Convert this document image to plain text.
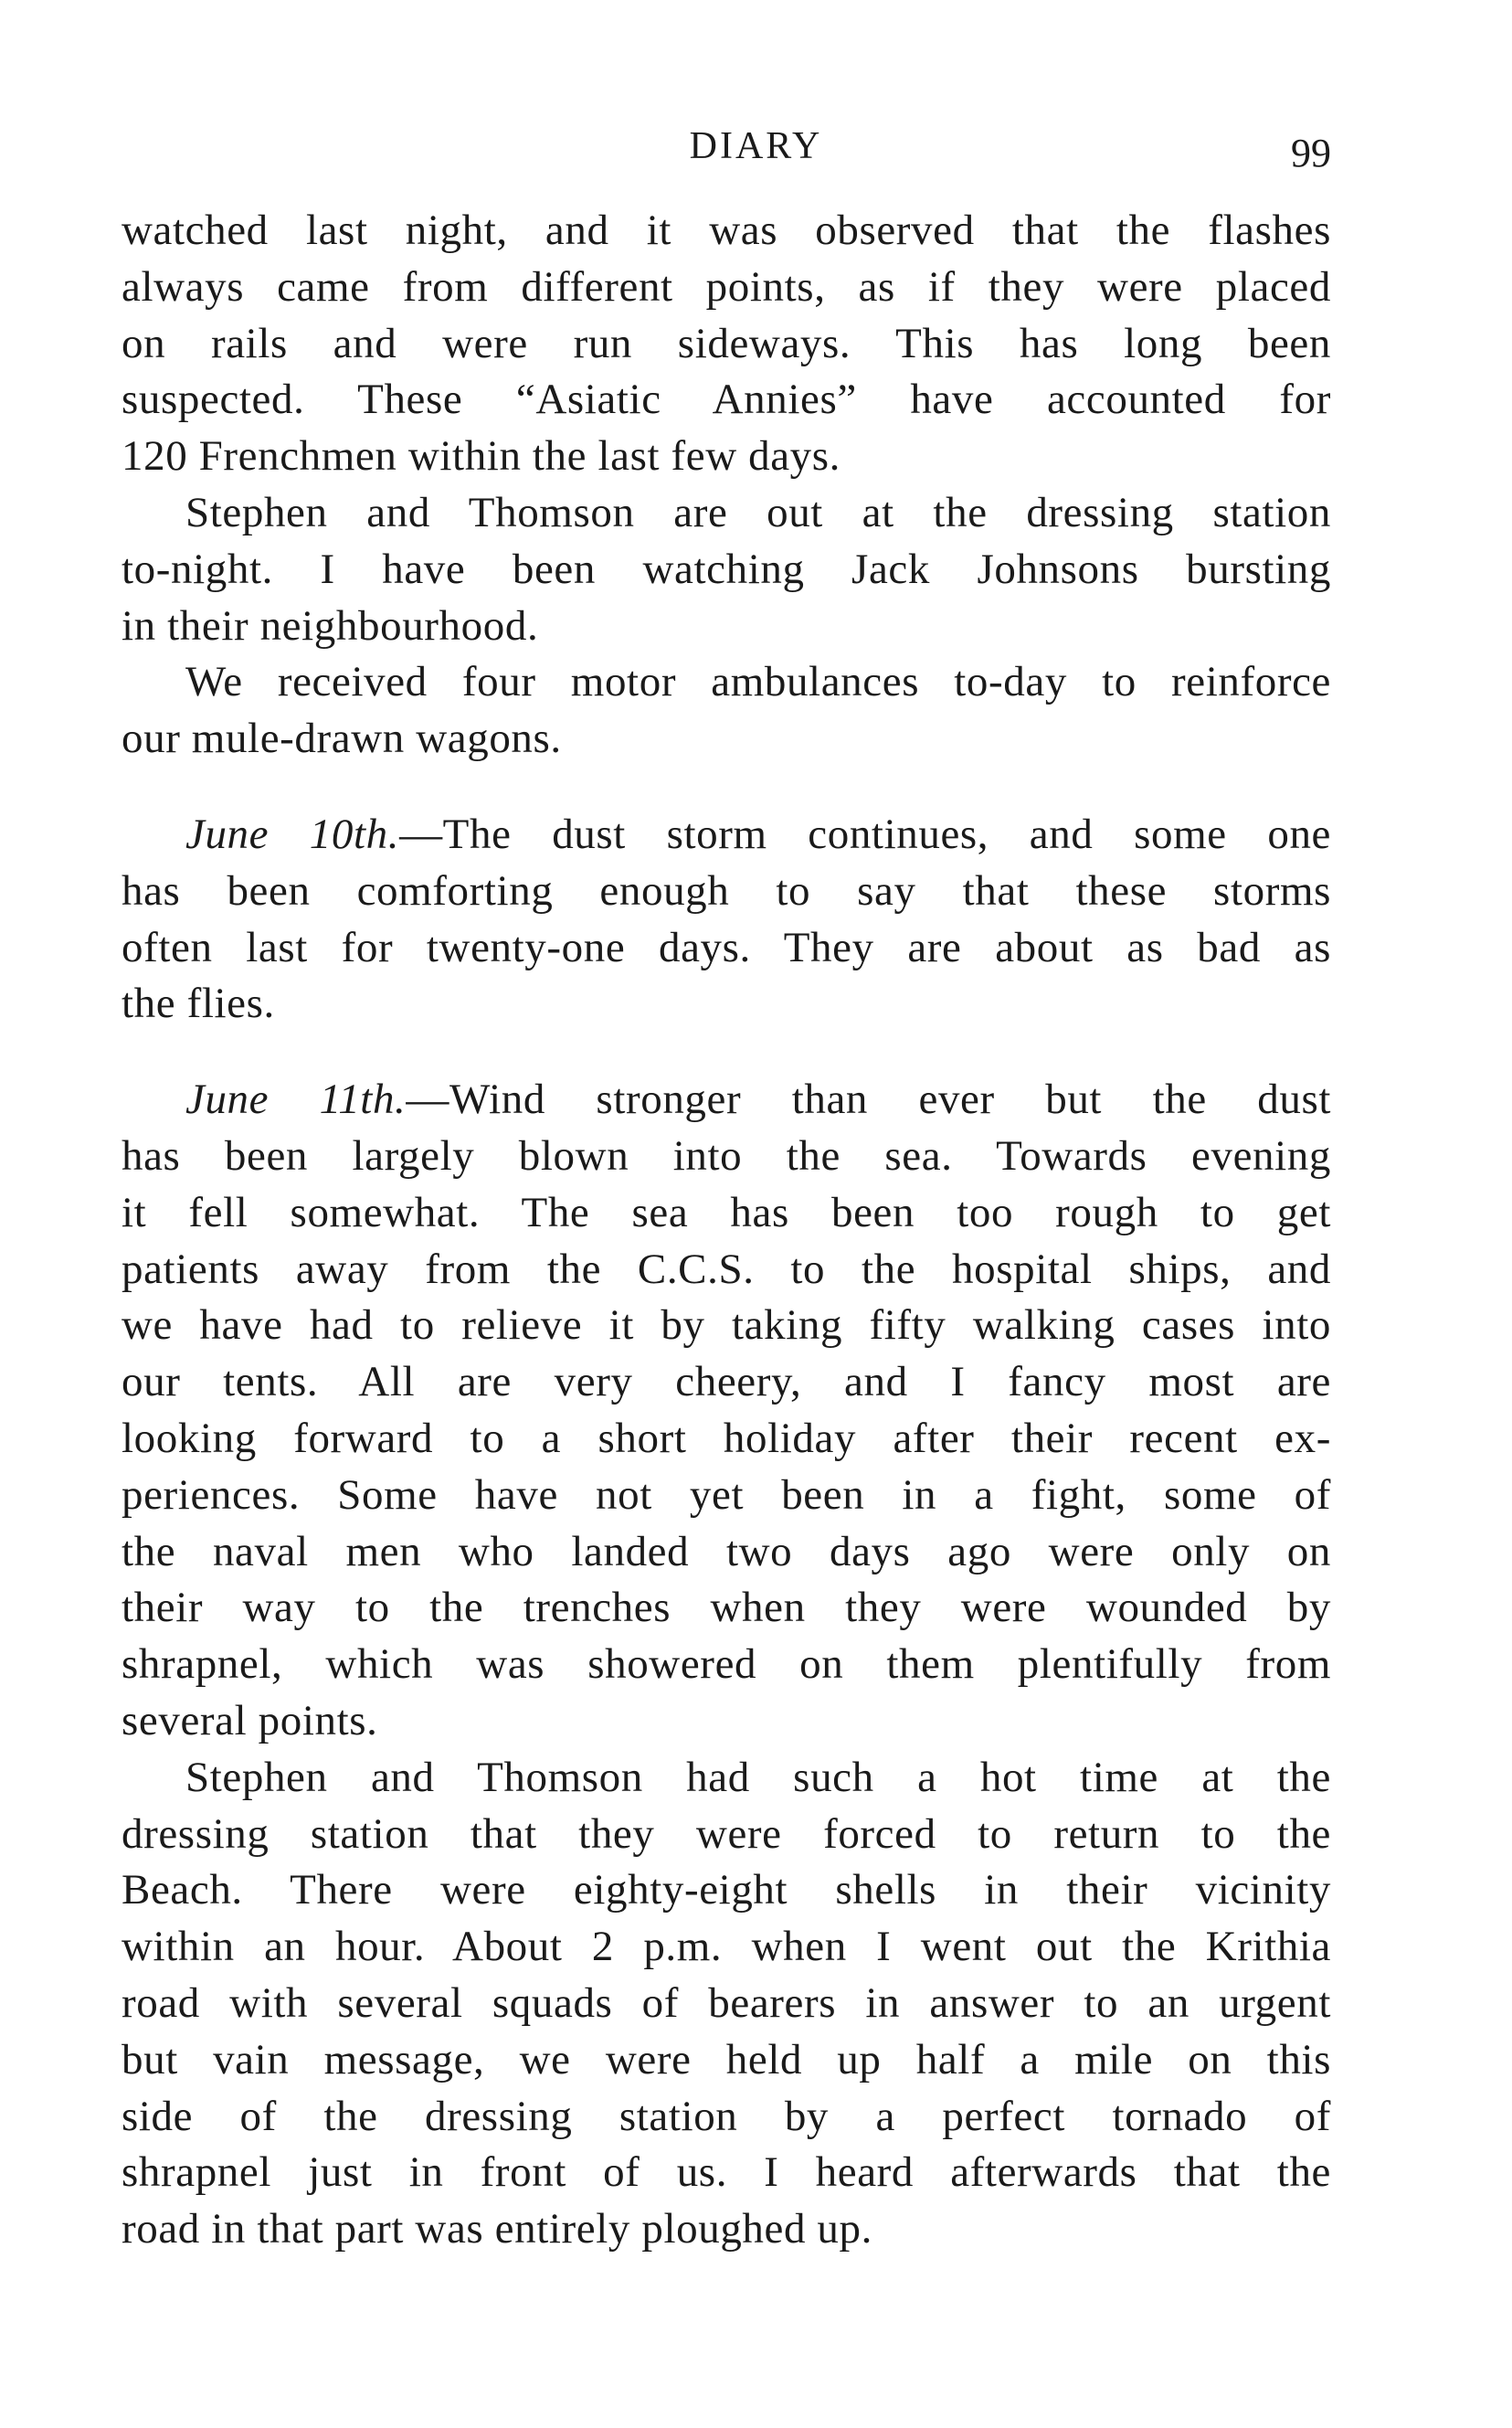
DIARY	99
watched last night, and it was observed that the flashes
always came from different points, as if they were placed
on rails and were run sideways. This has long been
suspected. These “Asiatic Annies” have accounted for
120 Frenchmen within the last few days.
Stephen and Thomson are out at the dressing station
to-night. I have been watching Jack Johnsons bursting
in their neighbourhood.
We received four motor ambulances to-day to reinforce
our mule-drawn wagons.
June 10th.—The dust storm continues, and some one
has been comforting enough to say that these storms
often last for twenty-one days. They are about as bad as
the flies.
June 11th.—Wind stronger than ever but the dust
has been largely blown into the sea. Towards evening
it fell somewhat. The sea has been too rough to get
patients away from the C.C.S. to the hospital ships, and
we have had to relieve it by taking fifty walking cases into
our tents. All are very cheery, and I fancy most are
looking forward to a short holiday after their recent ex-
periences. Some have not yet been in a fight, some of
the naval men who landed two days ago were only on
their way to the trenches when they were wounded by
shrapnel, which was showered on them plentifully from
several points.
Stephen and Thomson had such a hot time at the
dressing station that they were forced to return to the
Beach. There were eighty-eight shells in their vicinity
within an hour. About 2 p.m. when I went out the Krithia
road with several squads of bearers in answer to an urgent
but vain message, we were held up half a mile on this
side of the dressing station by a perfect tornado of
shrapnel just in front of us. I heard afterwards that the
road in that part was entirely ploughed up.
